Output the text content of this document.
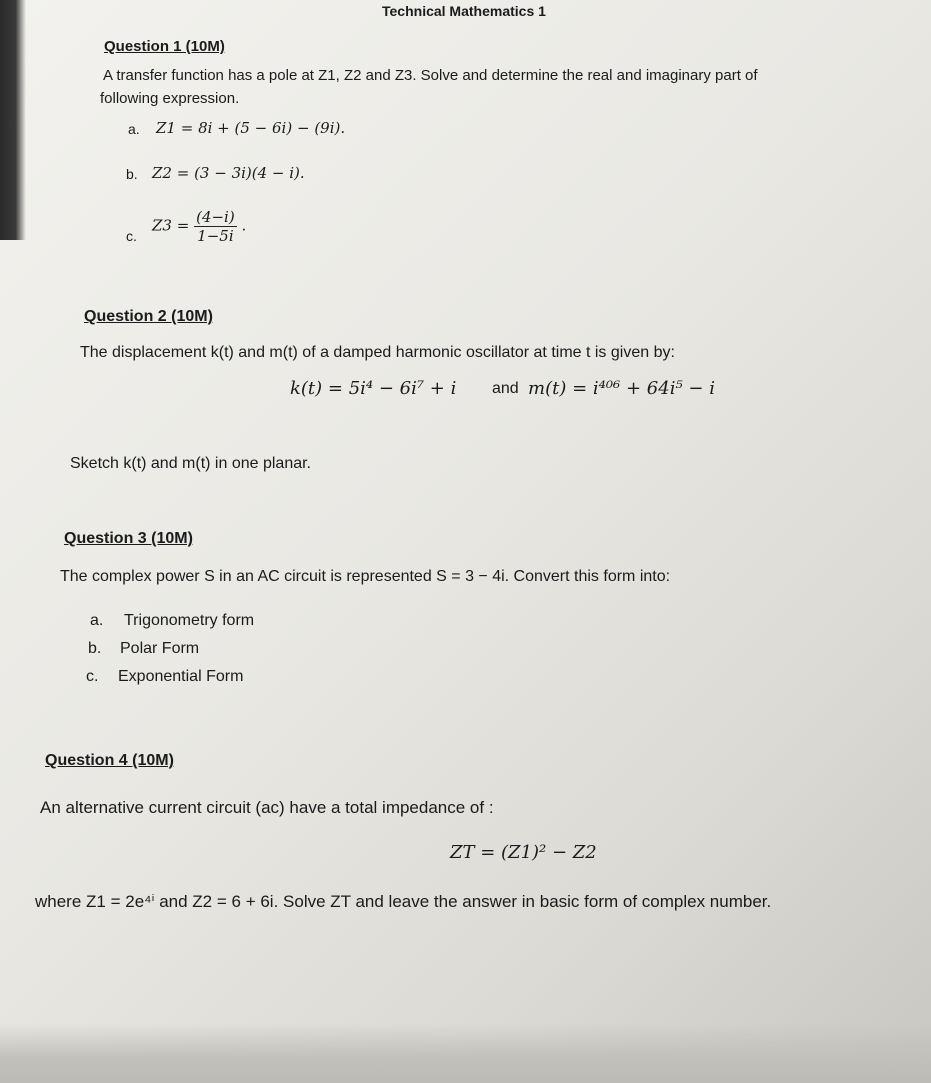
Technical Mathematics 1
Question 1 (10M)
A transfer function has a pole at Z1, Z2 and Z3. Solve and determine the real and imaginary part of
following expression.
a. Z1 = 8i + (5 − 6i) − (9i).
b. Z2 = (3 − 3i)(4 − i).
c.
$Z3 = \frac{(4-i)}{1-5i}$ .
Question 2 (10M)
The displacement k(t) and m(t) of a damped harmonic oscillator at time t is given by:
k(t) = 5i⁴ − 6i⁷ + i and m(t) = i⁴⁰⁶ + 64i⁵ − i
Sketch k(t) and m(t) in one planar.
Question 3 (10M)
The complex power S in an AC circuit is represented S = 3 − 4i. Convert this form into:
a. Trigonometry form
b. Polar Form
c. Exponential Form
Question 4 (10M)
An alternative current circuit (ac) have a total impedance of :
ZT = (Z1)² − Z2
where Z1 = 2e⁴ⁱ and Z2 = 6 + 6i. Solve ZT and leave the answer in basic form of complex number.
